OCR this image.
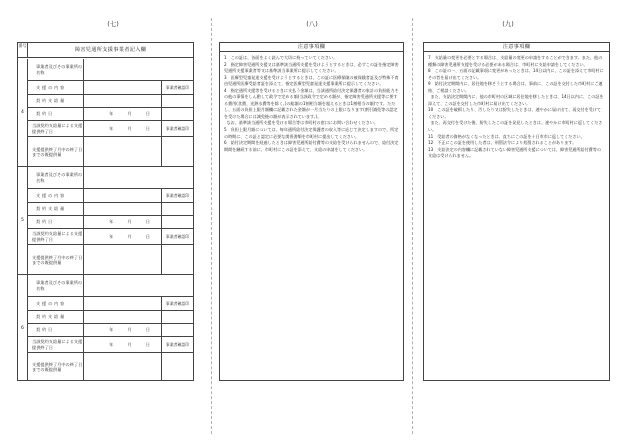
(七)	(八)	(九)
番号
障害児通所支援事業者記入欄
4
事業者及びその事業所の名称
支援の内容	事業者確認印
契約支給量
契約日	年	月	日
当該契約支給量による支援提供終了日
年	月	日	事業者確認印
支援提供終了月中の終了日までの既提供量
5
事業者及びその事業所の名称
支援の内容	事業者確認印
契約支給量
契約日	年	月	日
当該契約支給量による支援提供終了日
年	月	日	事業者確認印
支援提供終了月中の終了日までの既提供量
6
事業者及びその事業所の名称
支援の内容	事業者確認印
契約支給量
契約日	年	月	日
当該契約支給量による支援提供終了日
年	月	日	事業者確認印
支援提供終了月中の終了日までの既提供量
注意事項欄

1　この証は、各面をよく読んで大切に持っていてください。

2　指定障害児通所支援又は基準該当通所支援を受けようとするときは、必ずこの証を指定障害児通所支援事業者等又は基準該当事業所に提示してください。

3　医療型児童発達支援を受けようとするときは、この証に医療保険の被保険者証及び特殊不育由児通所医療受給者証を添えて、指定医療型児童発達支援事業所に提示してください。

4　指定通所支援等を受けるときに支払う金額は、当該通所給付決定保護者の家計の負担能力その他の事情をしん酌して政令で定める額(当該政令で定める額が、指定障害児通所支援等に要する費用(食費、光熱水費等を除く。)の総額の1割相当額を超えるときは1割相当の額)です。ただし、五面の負担上限月額欄に記載された金額が一月当たりの上限になります(割引減免等の認定を受けた場合には減免後の額が表示されています。)。

なお、基準該当通所支援を受ける場合等は市町村の窓口にお問い合わせください。

5　負担上限月額については、毎年通所給付決定保護者の収入等に応じて決定しますので、所定の時期に、この証と認定に必要な関係書類を市町村に提出してください。

6　給付決定期間を経過したときは障害児通所給付費等の支給を受けられませんので、給付決定期間を継続する前に、市町村にこの証を添えて、支給の申請をしてください。

注意事項欄

7　支給量の変更を必要とする場合は、支給量の変更の申請をすることができます。また、他の種類の障害児通所支援を受ける必要がある場合は、市町村に支給申請をしてください。

8　この証の一、五面の記載事項に変更があったときは、14日以内に、この証を添えて市町村にその旨を届け出てください。

9　給付決定期間内に、居住地を移そうとする場合は、事前に、この証を交付した市町村にご連絡、ご相談ください。

また、支給決定期間内に、他の市町村の区域に居住地を移したときは、14日以内に、この証を添えて、この証を交付した市町村に届け出てください。

10　この証を破損したり、汚したり又は紛失したときは、速やかに届け出て、再交付を受けてください。

また、再交付を受けた後、紛失したこの証を発見したときは、速やかに市町村に返してください。

11　受給者の資格がなくなったときは、直ちにこの証を十日市市に返してください。

12　不正にこの証を使用した者は、刑罰法令により処罰されることがあります。

13　支給決定の内容欄に記載されていない障害児通所支援については、障害児通所給付費等の支給は受けられません。
